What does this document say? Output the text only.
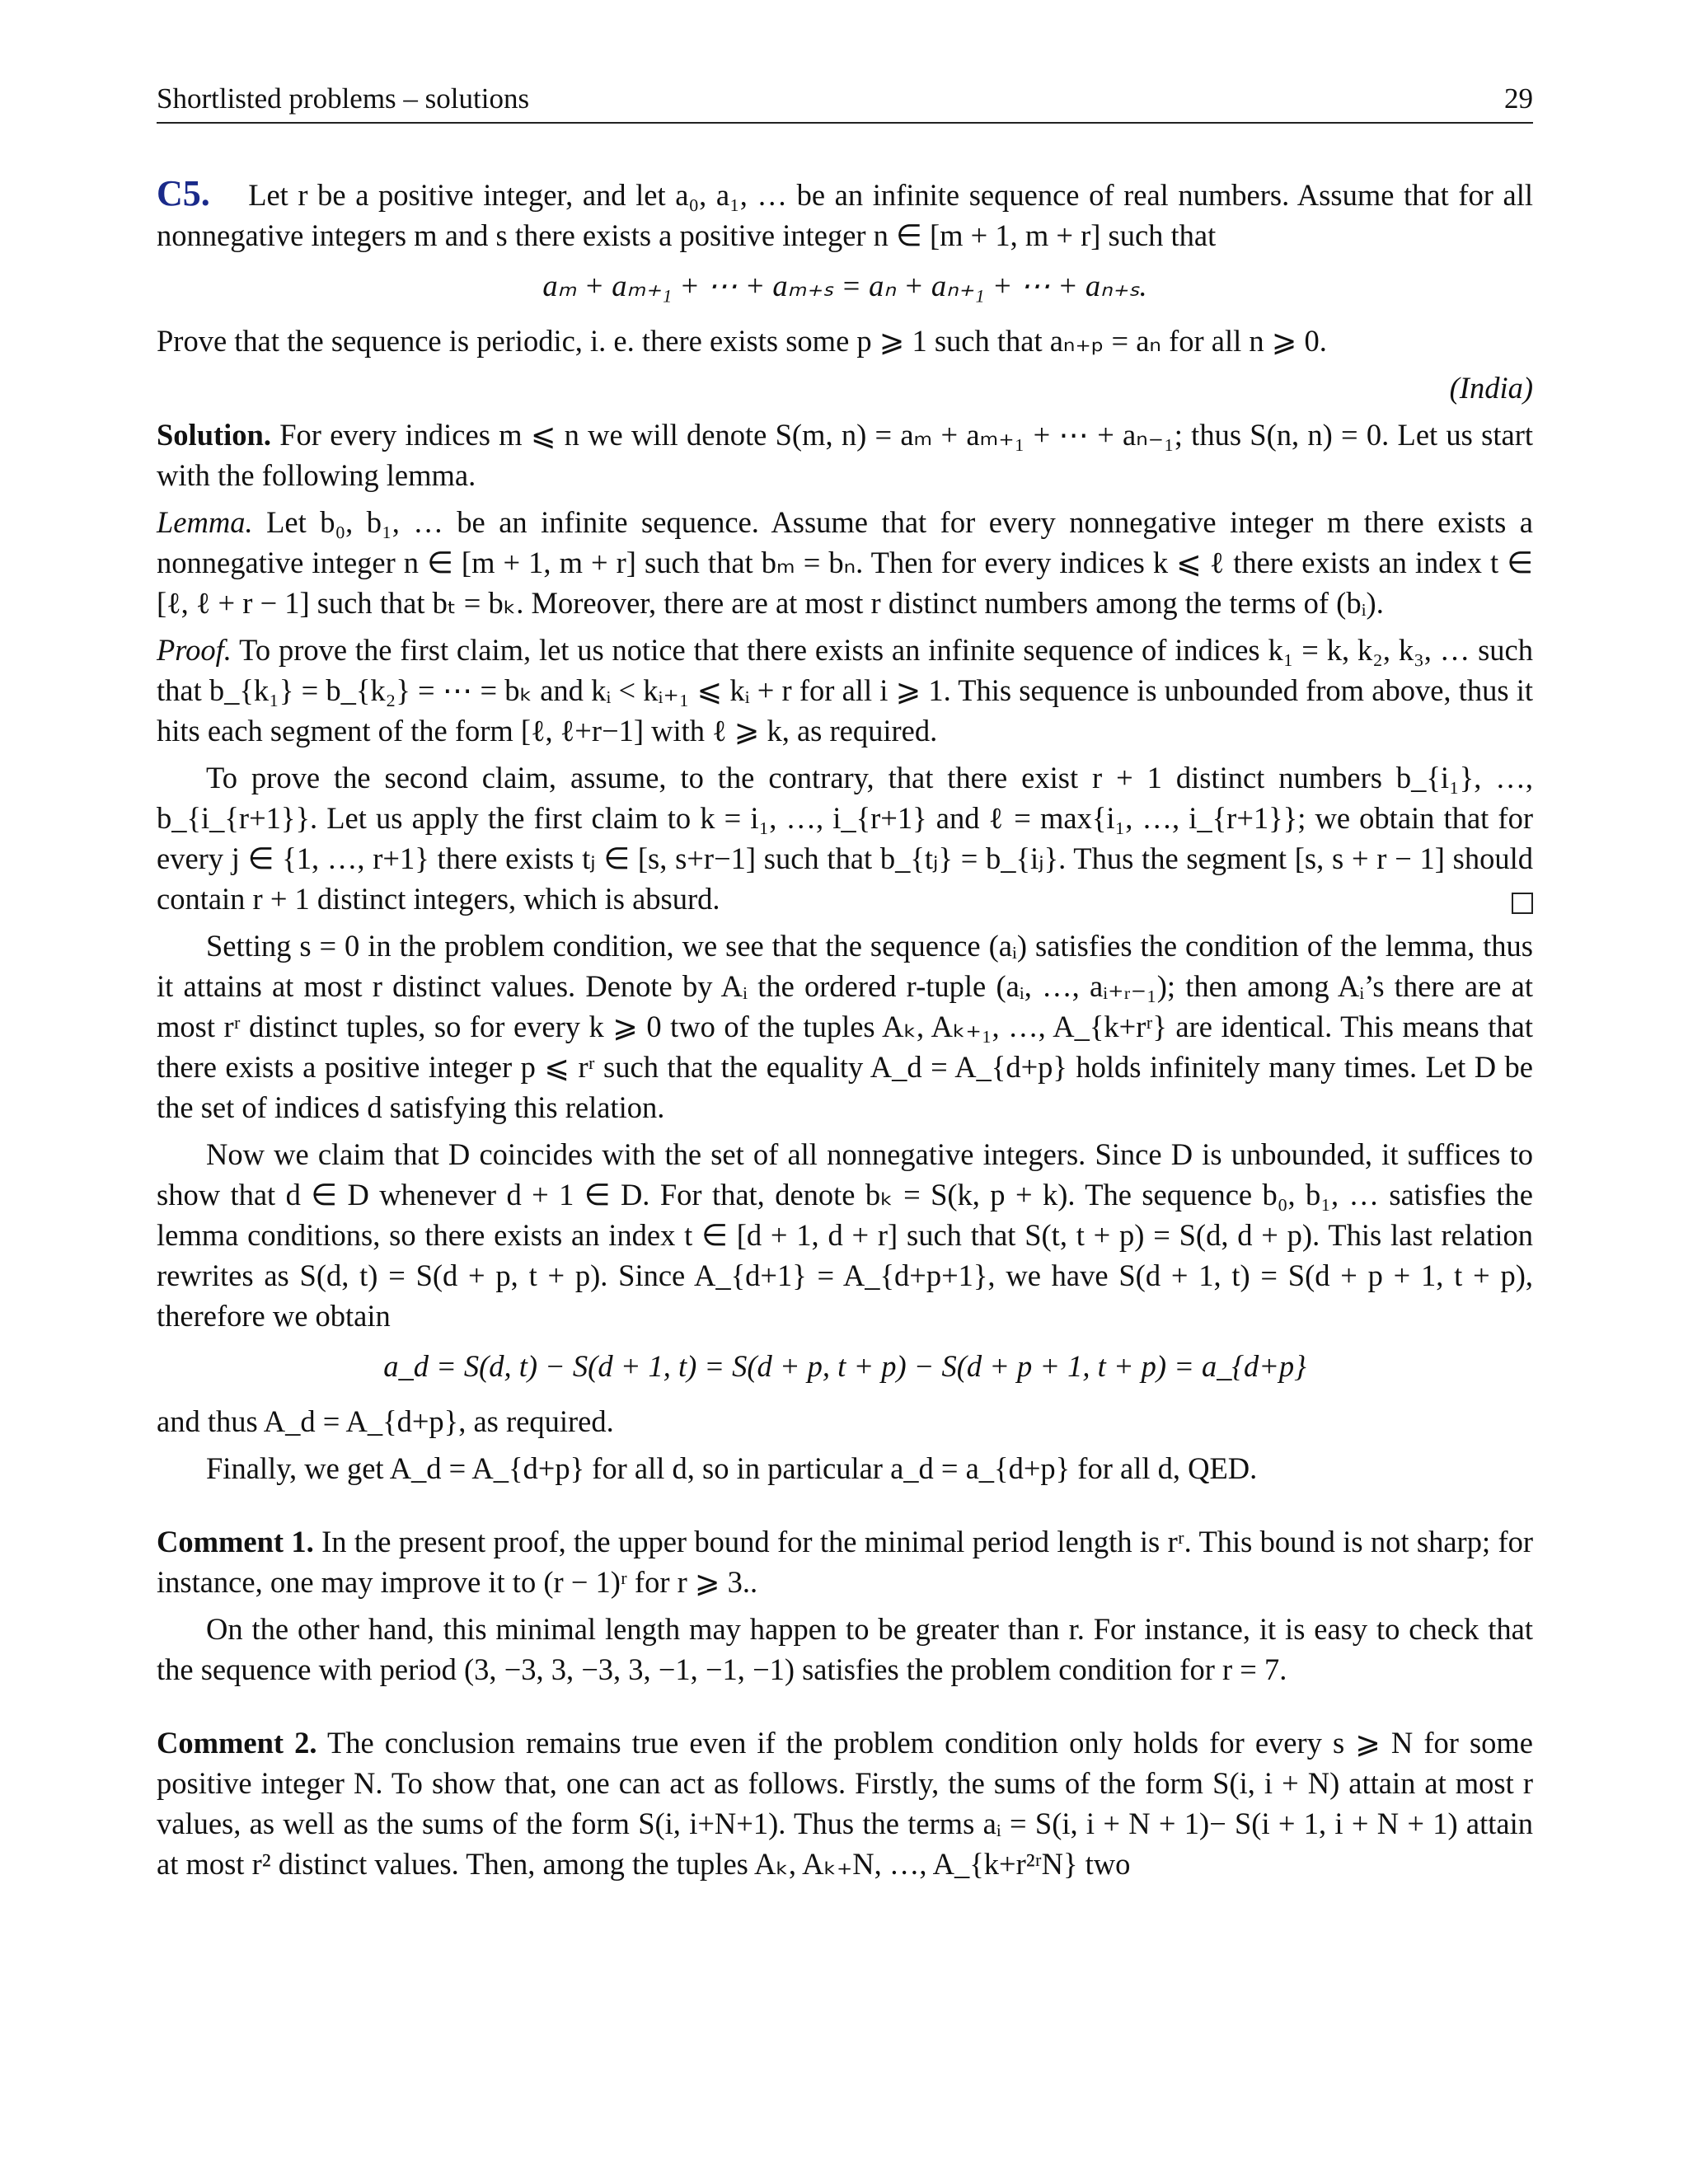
Shortlisted problems – solutions	29

C5. Let r be a positive integer, and let a₀, a₁, … be an infinite sequence of real numbers. Assume that for all nonnegative integers m and s there exists a positive integer n ∈ [m + 1, m + r] such that

aₘ + aₘ₊₁ + ⋯ + aₘ₊ₛ = aₙ + aₙ₊₁ + ⋯ + aₙ₊ₛ.

Prove that the sequence is periodic, i. e. there exists some p ⩾ 1 such that aₙ₊ₚ = aₙ for all n ⩾ 0.

(India)

Solution. For every indices m ⩽ n we will denote S(m, n) = aₘ + aₘ₊₁ + ⋯ + aₙ₋₁; thus S(n, n) = 0. Let us start with the following lemma.

Lemma. Let b₀, b₁, … be an infinite sequence. Assume that for every nonnegative integer m there exists a nonnegative integer n ∈ [m + 1, m + r] such that bₘ = bₙ. Then for every indices k ⩽ ℓ there exists an index t ∈ [ℓ, ℓ + r − 1] such that bₜ = bₖ. Moreover, there are at most r distinct numbers among the terms of (bᵢ).

Proof. To prove the first claim, let us notice that there exists an infinite sequence of indices k₁ = k, k₂, k₃, … such that b_{k₁} = b_{k₂} = ⋯ = bₖ and kᵢ < kᵢ₊₁ ⩽ kᵢ + r for all i ⩾ 1. This sequence is unbounded from above, thus it hits each segment of the form [ℓ, ℓ+r−1] with ℓ ⩾ k, as required.

To prove the second claim, assume, to the contrary, that there exist r + 1 distinct numbers b_{i₁}, …, b_{i_{r+1}}. Let us apply the first claim to k = i₁, …, i_{r+1} and ℓ = max{i₁, …, i_{r+1}}; we obtain that for every j ∈ {1, …, r+1} there exists tⱼ ∈ [s, s+r−1] such that b_{tⱼ} = b_{iⱼ}. Thus the segment [s, s + r − 1] should contain r + 1 distinct integers, which is absurd.

Setting s = 0 in the problem condition, we see that the sequence (aᵢ) satisfies the condition of the lemma, thus it attains at most r distinct values. Denote by Aᵢ the ordered r-tuple (aᵢ, …, aᵢ₊ᵣ₋₁); then among Aᵢ’s there are at most rʳ distinct tuples, so for every k ⩾ 0 two of the tuples Aₖ, Aₖ₊₁, …, A_{k+rʳ} are identical. This means that there exists a positive integer p ⩽ rʳ such that the equality A_d = A_{d+p} holds infinitely many times. Let D be the set of indices d satisfying this relation.

Now we claim that D coincides with the set of all nonnegative integers. Since D is unbounded, it suffices to show that d ∈ D whenever d + 1 ∈ D. For that, denote bₖ = S(k, p + k). The sequence b₀, b₁, … satisfies the lemma conditions, so there exists an index t ∈ [d + 1, d + r] such that S(t, t + p) = S(d, d + p). This last relation rewrites as S(d, t) = S(d + p, t + p). Since A_{d+1} = A_{d+p+1}, we have S(d + 1, t) = S(d + p + 1, t + p), therefore we obtain

a_d = S(d, t) − S(d + 1, t) = S(d + p, t + p) − S(d + p + 1, t + p) = a_{d+p}

and thus A_d = A_{d+p}, as required.

Finally, we get A_d = A_{d+p} for all d, so in particular a_d = a_{d+p} for all d, QED.

Comment 1. In the present proof, the upper bound for the minimal period length is rʳ. This bound is not sharp; for instance, one may improve it to (r − 1)ʳ for r ⩾ 3..

On the other hand, this minimal length may happen to be greater than r. For instance, it is easy to check that the sequence with period (3, −3, 3, −3, 3, −1, −1, −1) satisfies the problem condition for r = 7.

Comment 2. The conclusion remains true even if the problem condition only holds for every s ⩾ N for some positive integer N. To show that, one can act as follows. Firstly, the sums of the form S(i, i + N) attain at most r values, as well as the sums of the form S(i, i+N+1). Thus the terms aᵢ = S(i, i + N + 1)− S(i + 1, i + N + 1) attain at most r² distinct values. Then, among the tuples Aₖ, Aₖ₊N, …, A_{k+r²ʳN} two
